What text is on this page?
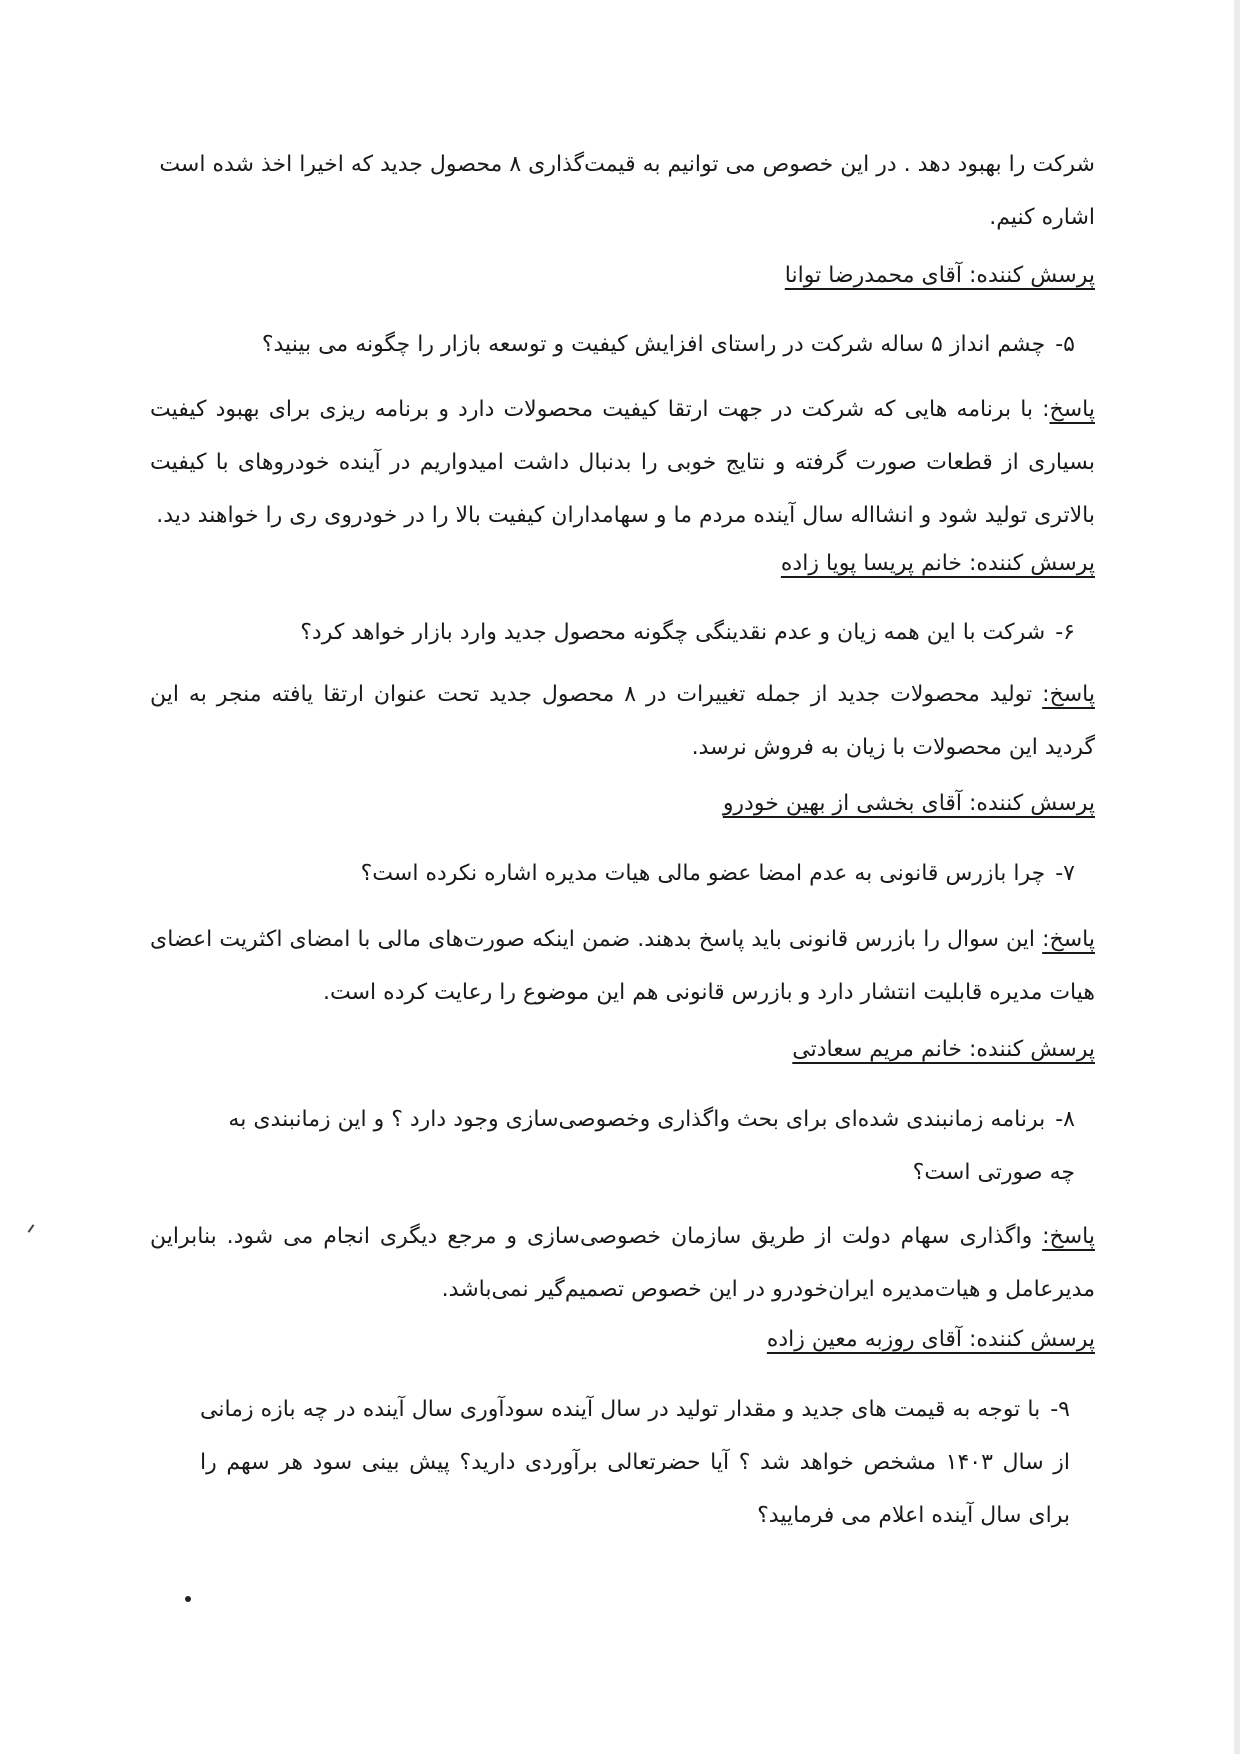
شرکت را بهبود دهد . در این خصوص می توانیم به قیمت‌گذاری ۸ محصول جدید که اخیرا اخذ شده است
اشاره کنیم.
پرسش کننده: آقای محمدرضا توانا
۵-چشم انداز ۵ ساله شرکت در راستای افزایش کیفیت و توسعه بازار را چگونه می بینید؟
پاسخ: با برنامه هایی که شرکت در جهت ارتقا کیفیت محصولات دارد و برنامه ریزی برای بهبود کیفیت بسیاری از قطعات صورت گرفته و نتایج خوبی را بدنبال داشت امیدواریم در آینده خودروهای با کیفیت بالاتری تولید شود و انشااله سال آینده مردم ما و سهامداران کیفیت بالا را در خودروی ری را خواهند دید.
پرسش کننده: خانم پریسا پویا زاده
۶-شرکت با این همه زیان و عدم نقدینگی چگونه محصول جدید وارد بازار خواهد کرد؟
پاسخ: تولید محصولات جدید از جمله تغییرات در ۸ محصول جدید تحت عنوان ارتقا یافته منجر به این گردید این محصولات با زیان به فروش نرسد.
پرسش کننده: آقای بخشی از بهین خودرو
۷-چرا بازرس قانونی به عدم امضا عضو مالی هیات مدیره اشاره نکرده است؟
پاسخ: این سوال را بازرس قانونی باید پاسخ بدهند. ضمن اینکه صورت‌های مالی با امضای اکثریت اعضای هیات مدیره قابلیت انتشار دارد و بازرس قانونی هم این موضوع را رعایت کرده است.
پرسش کننده: خانم مریم سعادتی
۸-برنامه زمانبندی شده‌ای برای بحث واگذاری وخصوصی‌سازی وجود دارد ؟ و این زمانبندی به چه صورتی است؟
پاسخ: واگذاری سهام دولت از طریق سازمان خصوصی‌سازی و مرجع دیگری انجام می شود. بنابراین مدیرعامل و هیات‌مدیره ایران‌خودرو در این خصوص تصمیم‌گیر نمی‌باشد.
پرسش کننده: آقای روزبه معین زاده
۹-با توجه به قیمت های جدید و مقدار تولید در سال آینده سودآوری سال آینده در چه بازه زمانی از سال ۱۴۰۳ مشخص خواهد شد ؟ آیا حضرتعالی برآوردی دارید؟ پیش بینی سود هر سهم را برای سال آینده اعلام می فرمایید؟
